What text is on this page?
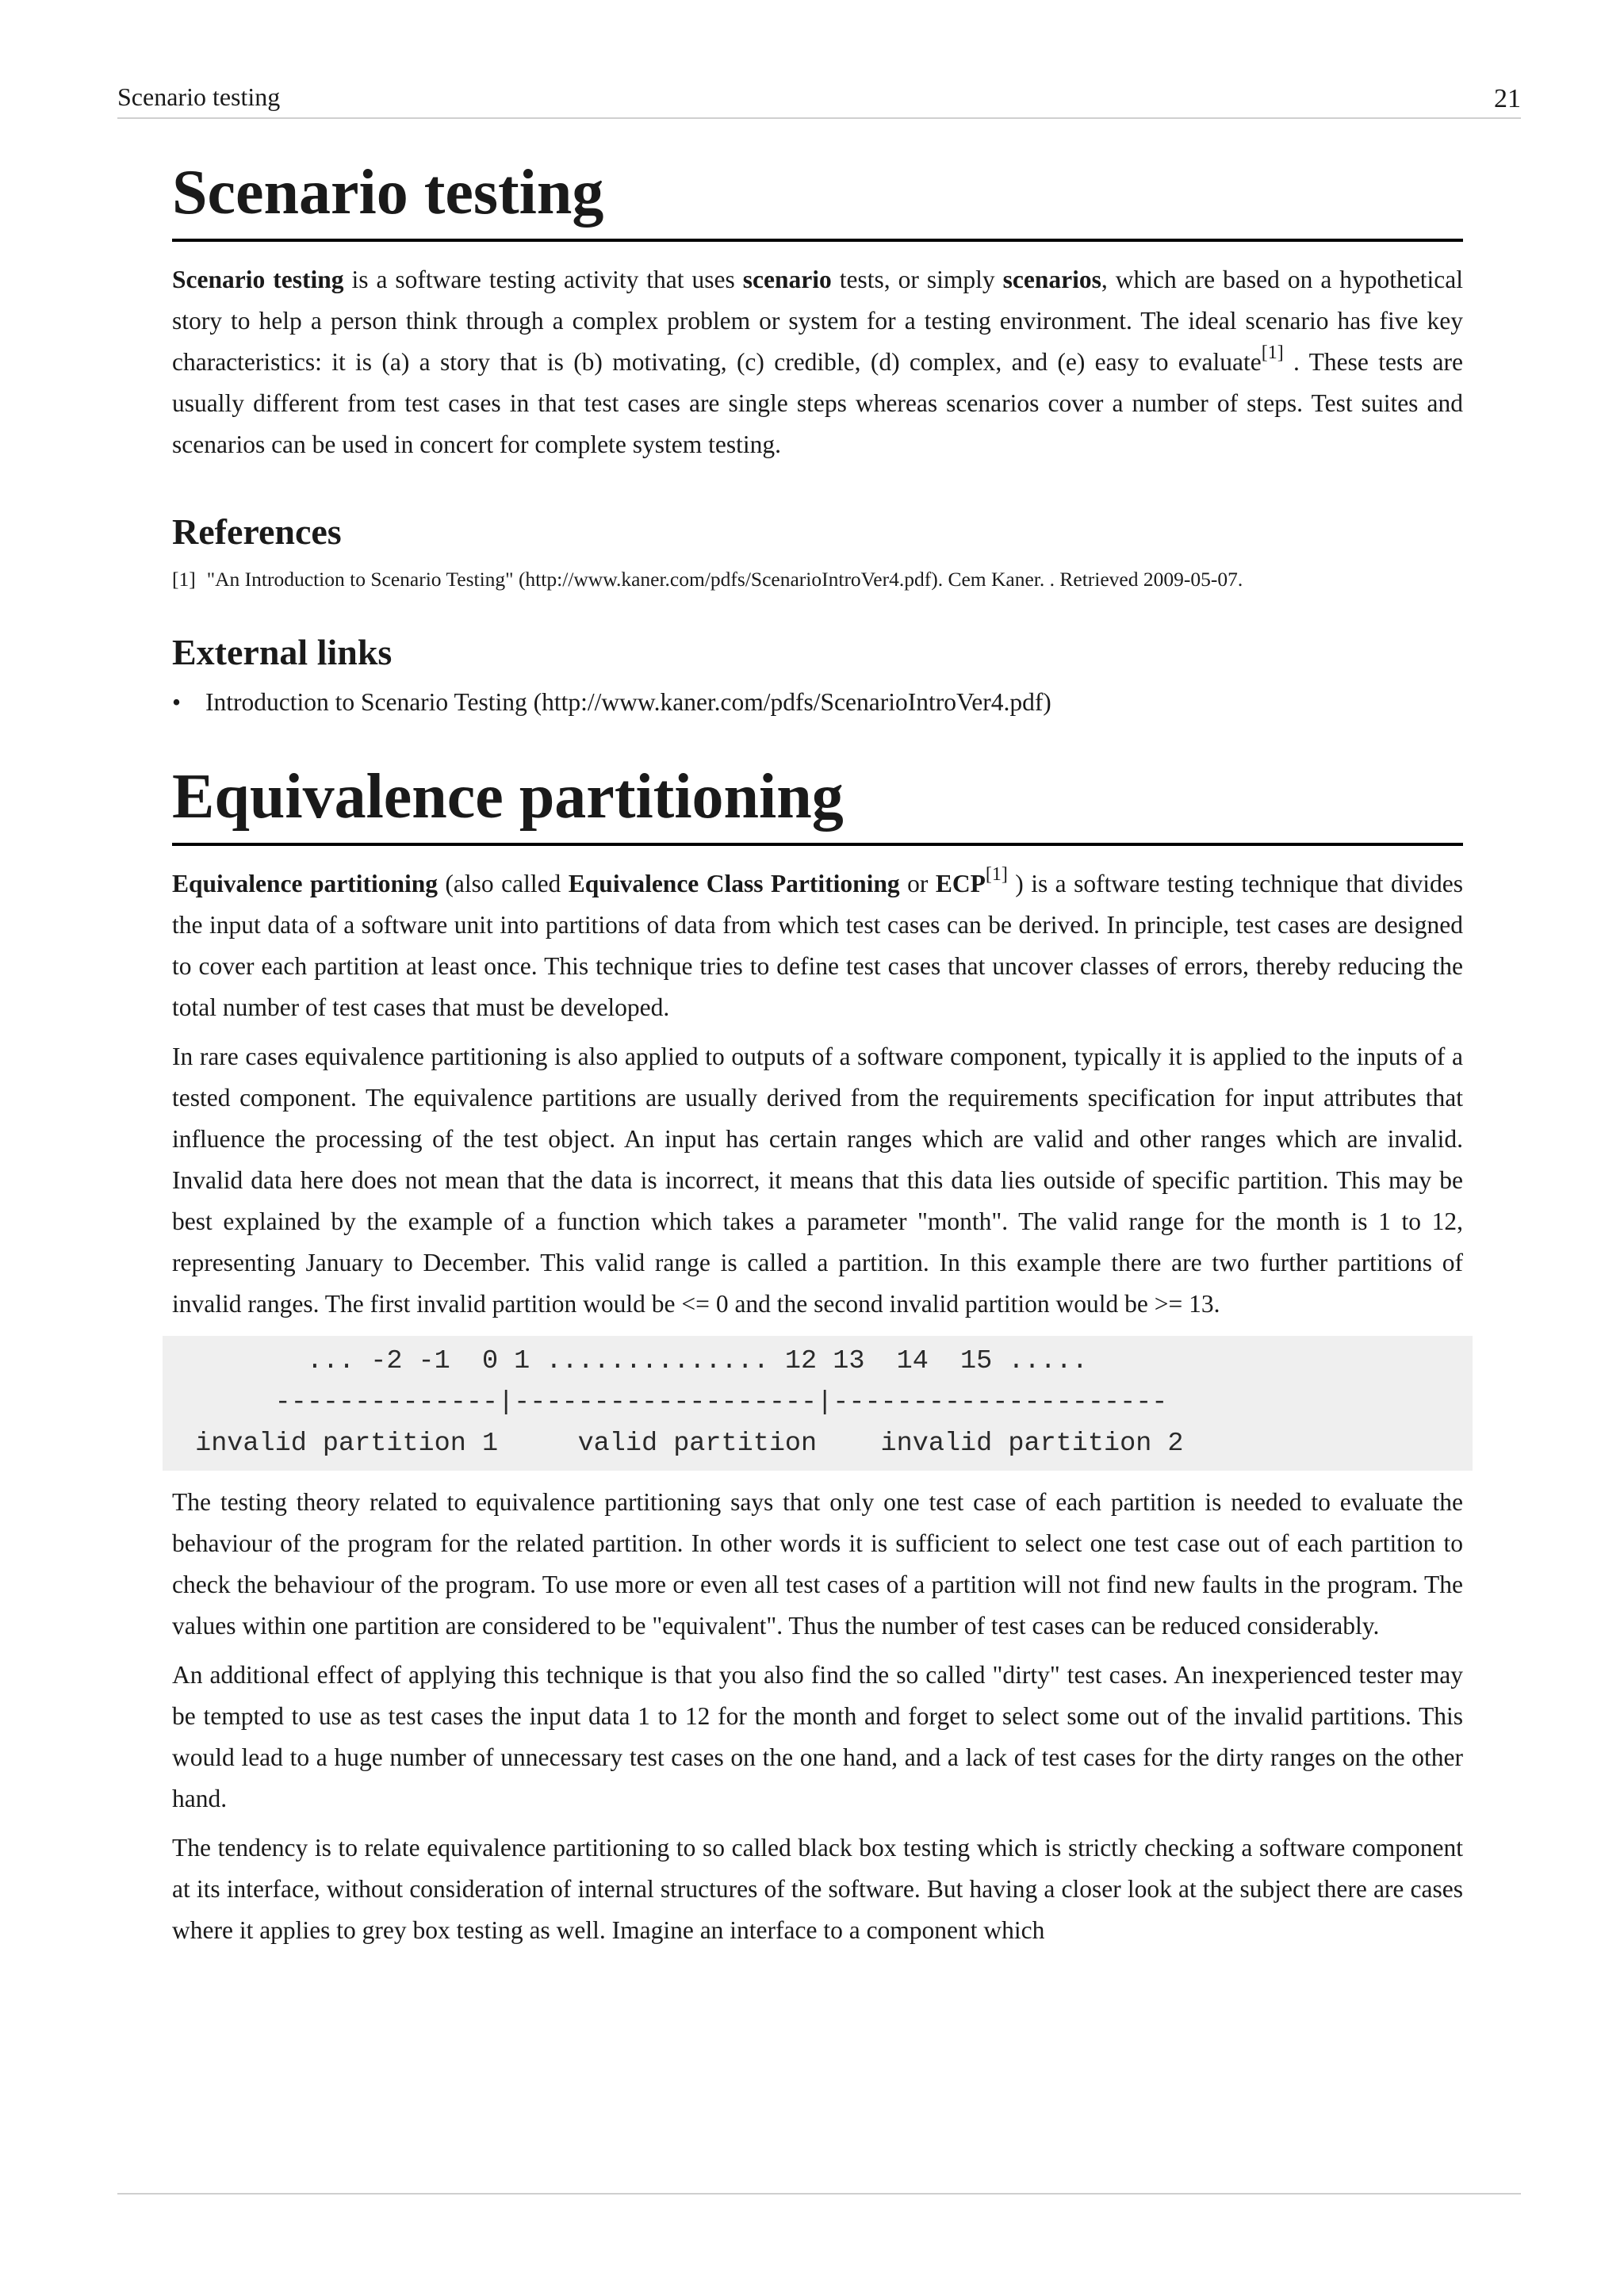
Scenario testing	21
Scenario testing

Scenario testing is a software testing activity that uses scenario tests, or simply scenarios, which are based on a hypothetical story to help a person think through a complex problem or system for a testing environment. The ideal scenario has five key characteristics: it is (a) a story that is (b) motivating, (c) credible, (d) complex, and (e) easy to evaluate[1] . These tests are usually different from test cases in that test cases are single steps whereas scenarios cover a number of steps. Test suites and scenarios can be used in concert for complete system testing.

References
[1] "An Introduction to Scenario Testing" (http://www.kaner.com/pdfs/ScenarioIntroVer4.pdf). Cem Kaner. . Retrieved 2009-05-07.
External links
• Introduction to Scenario Testing (http://www.kaner.com/pdfs/ScenarioIntroVer4.pdf)
Equivalence partitioning

Equivalence partitioning (also called Equivalence Class Partitioning or ECP[1] ) is a software testing technique that divides the input data of a software unit into partitions of data from which test cases can be derived. In principle, test cases are designed to cover each partition at least once. This technique tries to define test cases that uncover classes of errors, thereby reducing the total number of test cases that must be developed.

In rare cases equivalence partitioning is also applied to outputs of a software component, typically it is applied to the inputs of a tested component. The equivalence partitions are usually derived from the requirements specification for input attributes that influence the processing of the test object. An input has certain ranges which are valid and other ranges which are invalid. Invalid data here does not mean that the data is incorrect, it means that this data lies outside of specific partition. This may be best explained by the example of a function which takes a parameter "month". The valid range for the month is 1 to 12, representing January to December. This valid range is called a partition. In this example there are two further partitions of invalid ranges. The first invalid partition would be <= 0 and the second invalid partition would be >= 13.

... -2 -1  0 1 .............. 12 13  14  15 .....
--------------|-------------------|---------------------
invalid partition 1     valid partition    invalid partition 2

The testing theory related to equivalence partitioning says that only one test case of each partition is needed to evaluate the behaviour of the program for the related partition. In other words it is sufficient to select one test case out of each partition to check the behaviour of the program. To use more or even all test cases of a partition will not find new faults in the program. The values within one partition are considered to be "equivalent". Thus the number of test cases can be reduced considerably.

An additional effect of applying this technique is that you also find the so called "dirty" test cases. An inexperienced tester may be tempted to use as test cases the input data 1 to 12 for the month and forget to select some out of the invalid partitions. This would lead to a huge number of unnecessary test cases on the one hand, and a lack of test cases for the dirty ranges on the other hand.

The tendency is to relate equivalence partitioning to so called black box testing which is strictly checking a software component at its interface, without consideration of internal structures of the software. But having a closer look at the subject there are cases where it applies to grey box testing as well. Imagine an interface to a component which
